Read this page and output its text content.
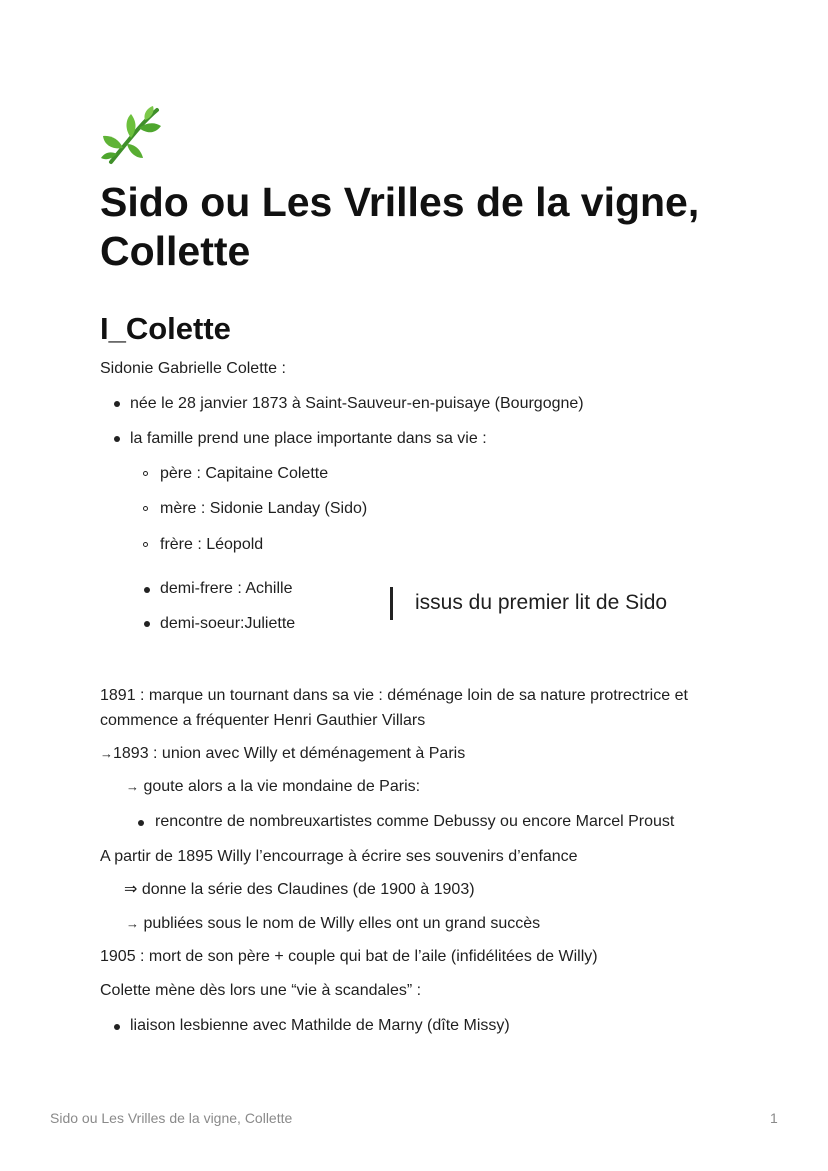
Sido ou Les Vrilles de la vigne, Collette
I_Colette
Sidonie Gabrielle Colette :
née le 28 janvier 1873 à Saint-Sauveur-en-puisaye (Bourgogne)
la famille prend une place importante dans sa vie :
père : Capitaine Colette
mère : Sidonie Landay (Sido)
frère : Léopold
demi-frere : Achille
demi-soeur:Juliette
issus du premier lit de Sido
1891 : marque un tournant dans sa vie : déménage loin de sa nature protrectrice et commence a fréquenter Henri Gauthier Villars
→1893 : union avec Willy et déménagement à Paris
→ goute alors a la vie mondaine de Paris:
rencontre de nombreuxartistes comme Debussy ou encore Marcel Proust
A partir de 1895 Willy l’encourrage à écrire ses souvenirs d’enfance
⇒ donne la série des Claudines (de 1900 à 1903)
→ publiées sous le nom de Willy elles ont un grand succès
1905 : mort de son père + couple qui bat de l’aile (infidélitées de Willy)
Colette mène dès lors une “vie à scandales” :
liaison lesbienne avec Mathilde de Marny (dîte Missy)
Sido ou Les Vrilles de la vigne, Collette	1
